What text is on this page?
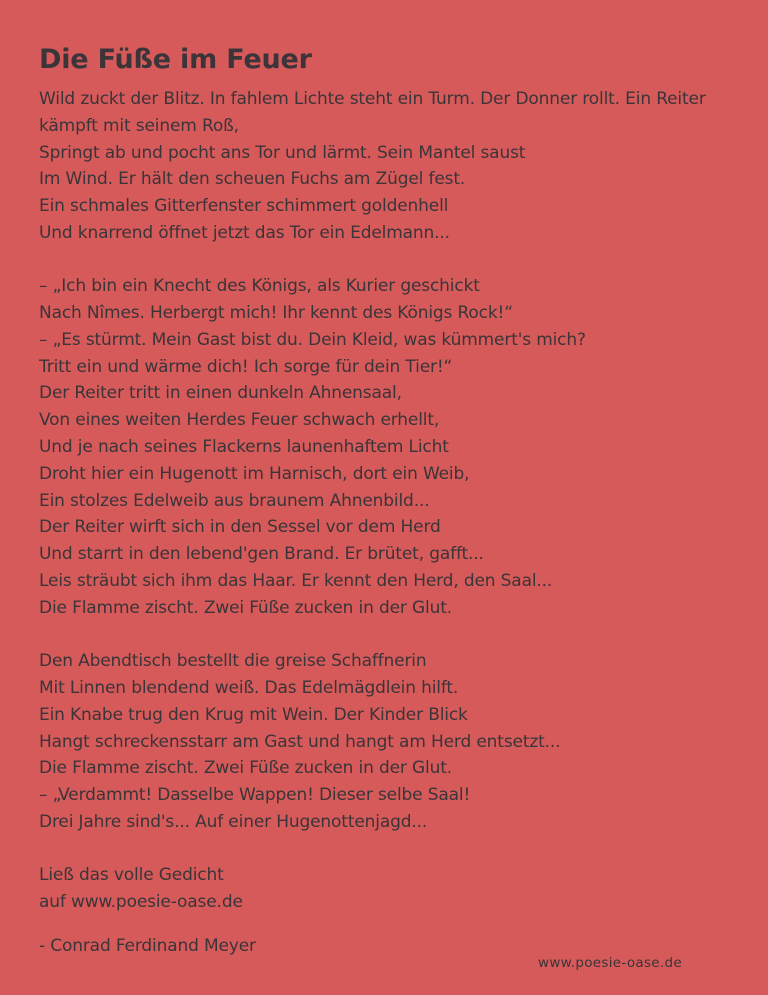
Die Füße im Feuer
Wild zuckt der Blitz. In fahlem Lichte steht ein Turm. Der Donner rollt. Ein Reiter kämpft mit seinem Roß,
Springt ab und pocht ans Tor und lärmt. Sein Mantel saust
Im Wind. Er hält den scheuen Fuchs am Zügel fest.
Ein schmales Gitterfenster schimmert goldenhell
Und knarrend öffnet jetzt das Tor ein Edelmann...
– „Ich bin ein Knecht des Königs, als Kurier geschickt
Nach Nîmes. Herbergt mich! Ihr kennt des Königs Rock!“
– „Es stürmt. Mein Gast bist du. Dein Kleid, was kümmert's mich?
Tritt ein und wärme dich! Ich sorge für dein Tier!“
Der Reiter tritt in einen dunkeln Ahnensaal,
Von eines weiten Herdes Feuer schwach erhellt,
Und je nach seines Flackerns launenhaftem Licht
Droht hier ein Hugenott im Harnisch, dort ein Weib,
Ein stolzes Edelweib aus braunem Ahnenbild...
Der Reiter wirft sich in den Sessel vor dem Herd
Und starrt in den lebend'gen Brand. Er brütet, gafft...
Leis sträubt sich ihm das Haar. Er kennt den Herd, den Saal...
Die Flamme zischt. Zwei Füße zucken in der Glut.
Den Abendtisch bestellt die greise Schaffnerin
Mit Linnen blendend weiß. Das Edelmägdlein hilft.
Ein Knabe trug den Krug mit Wein. Der Kinder Blick
Hangt schreckensstarr am Gast und hangt am Herd entsetzt...
Die Flamme zischt. Zwei Füße zucken in der Glut.
– „Verdammt! Dasselbe Wappen! Dieser selbe Saal!
Drei Jahre sind's... Auf einer Hugenottenjagd...
Ließ das volle Gedicht
auf www.poesie-oase.de
- Conrad Ferdinand Meyer
www.poesie-oase.de
